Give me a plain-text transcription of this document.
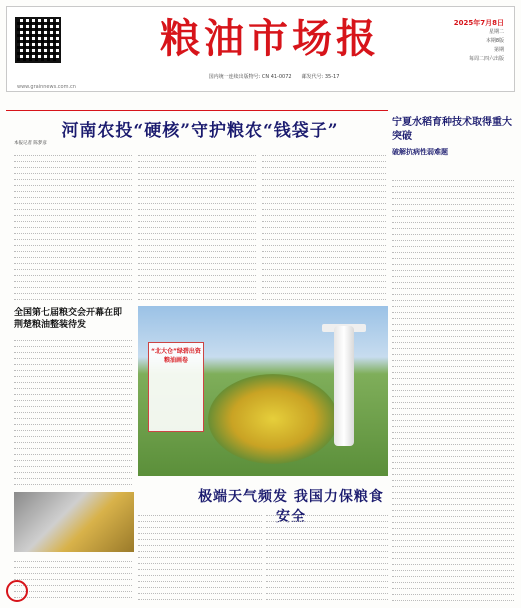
www.grainnews.com.cn
粮油市场报
国内统一连续出版物号: CN 41-0072 邮发代号: 35-17
2025年7月8日
星期二
本期8版
第期
每周二四六出版
河南农投“硬核”守护粮农“钱袋子”
本报记者 陈梦彦
宁夏水稻育种技术取得重大突破
破解抗病性弱难题
全国第七届粮交会开幕在即 荆楚粮油整装待发
“北大仓”绿碧出资粮油画卷
极端天气频发 我国力保粮食安全
